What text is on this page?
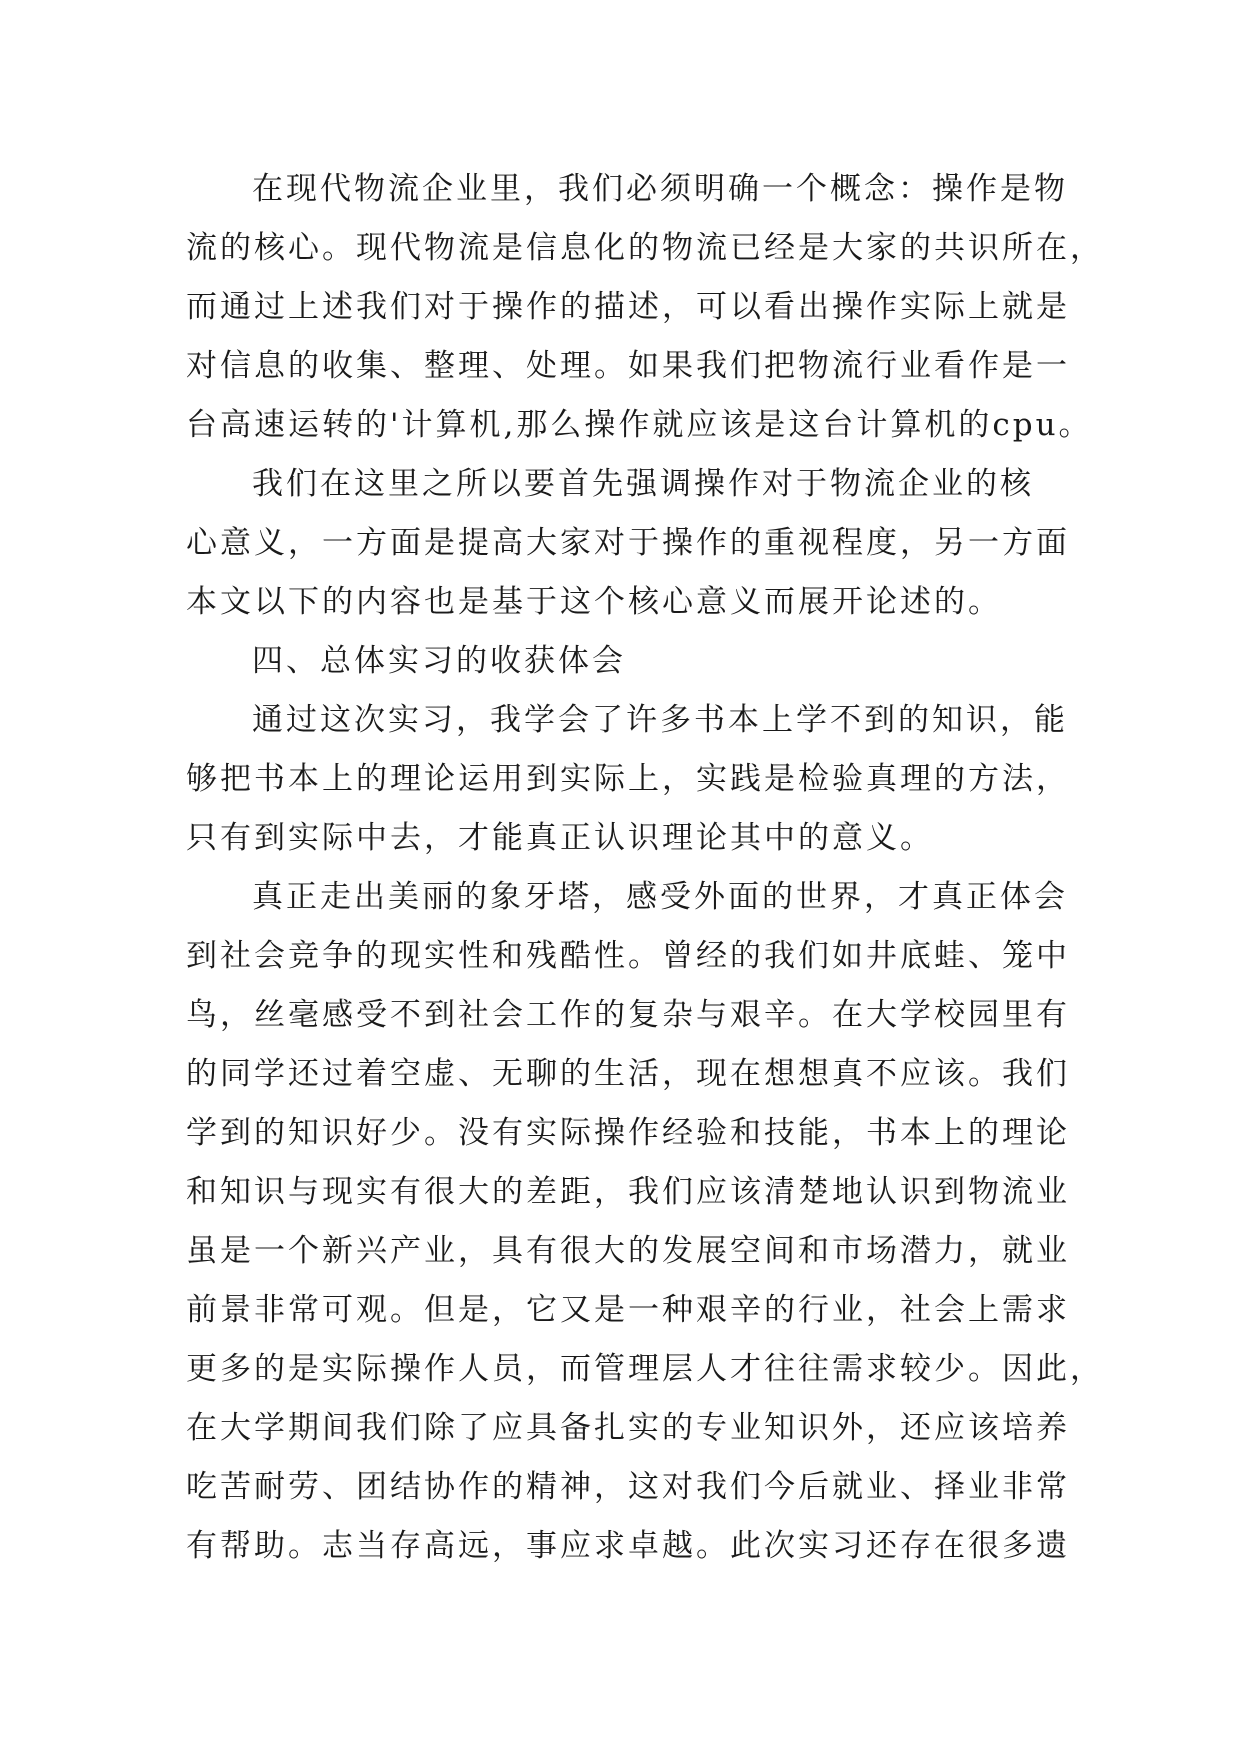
在现代物流企业里，我们必须明确一个概念：操作是物

流的核心。现代物流是信息化的物流已经是大家的共识所在，

而通过上述我们对于操作的描述，可以看出操作实际上就是

对信息的收集、整理、处理。如果我们把物流行业看作是一

台高速运转的'计算机,那么操作就应该是这台计算机的cpu。

我们在这里之所以要首先强调操作对于物流企业的核

心意义，一方面是提高大家对于操作的重视程度，另一方面

本文以下的内容也是基于这个核心意义而展开论述的。

四、总体实习的收获体会

通过这次实习，我学会了许多书本上学不到的知识，能

够把书本上的理论运用到实际上，实践是检验真理的方法，

只有到实际中去，才能真正认识理论其中的意义。

真正走出美丽的象牙塔，感受外面的世界，才真正体会

到社会竞争的现实性和残酷性。曾经的我们如井底蛙、笼中

鸟，丝毫感受不到社会工作的复杂与艰辛。在大学校园里有

的同学还过着空虚、无聊的生活，现在想想真不应该。我们

学到的知识好少。没有实际操作经验和技能，书本上的理论

和知识与现实有很大的差距，我们应该清楚地认识到物流业

虽是一个新兴产业，具有很大的发展空间和市场潜力，就业

前景非常可观。但是，它又是一种艰辛的行业，社会上需求

更多的是实际操作人员，而管理层人才往往需求较少。因此，

在大学期间我们除了应具备扎实的专业知识外，还应该培养

吃苦耐劳、团结协作的精神，这对我们今后就业、择业非常

有帮助。志当存高远，事应求卓越。此次实习还存在很多遗
